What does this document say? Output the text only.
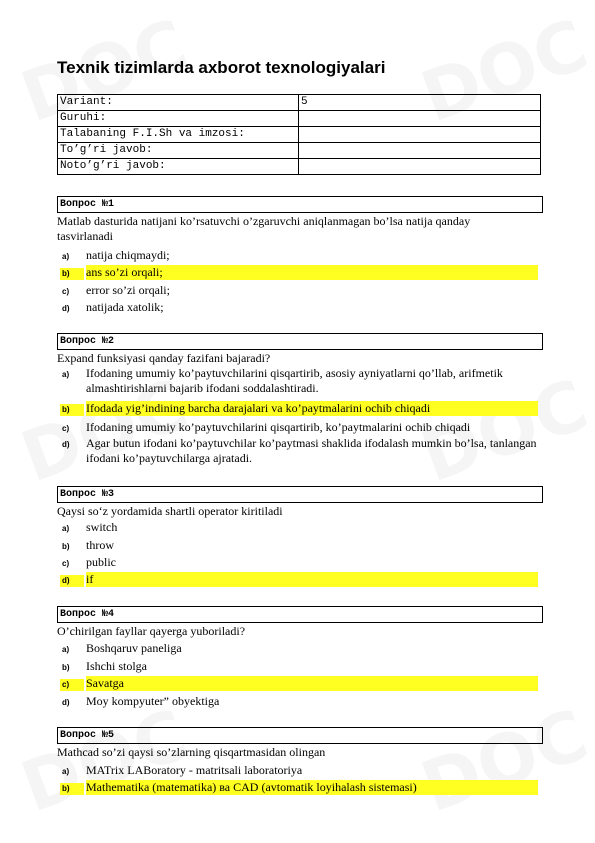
Texnik tizimlarda axborot texnologiyalari
Variant:	5
Guruhi:	
Talabaning F.I.Sh va imzosi:	
To’g’ri javob:	
Noto’g’ri javob:	
Вопрос №1
Matlab dasturida natijani ko’rsatuvchi o’zgaruvchi aniqlanmagan bo’lsa natija qanday tasvirlanadi
a)	natija chiqmaydi;
b)	ans so’zi orqali;
c)	error so’zi orqali;
d)	natijada xatolik;
Вопрос №2
Expand funksiyasi qanday fazifani bajaradi?
a)	Ifodaning umumiy ko’paytuvchilarini qisqartirib, asosiy ayniyatlarni qo’llab, arifmetik almashtirishlarni bajarib ifodani soddalashtiradi.
b)	Ifodada yig’indining barcha darajalari va ko’paytmalarini ochib chiqadi
c)	Ifodaning umumiy ko’paytuvchilarini qisqartirib, ko’paytmalarini ochib chiqadi
d)	Agar butun ifodani ko’paytuvchilar ko’paytmasi shaklida ifodalash mumkin bo’lsa, tanlangan ifodani ko’paytuvchilarga ajratadi.
Вопрос №3
Qaysi so‘z yordamida shartli operator kiritiladi
a)	switch
b)	throw
c)	public
d)	if
Вопрос №4
O’chirilgan fayllar qayerga yuboriladi?
a)	Boshqaruv paneliga
b)	Ishchi stolga
c)	Savatga
d)	Moy kompyuter” obyektiga
Вопрос №5
Mathcad so’zi qaysi so’zlarning qisqartmasidan olingan
a)	MATrix LABoratory - matritsali laboratoriya
b)	Mathematika (matematika) ва CAD (avtomatik loyihalash sistemasi)
